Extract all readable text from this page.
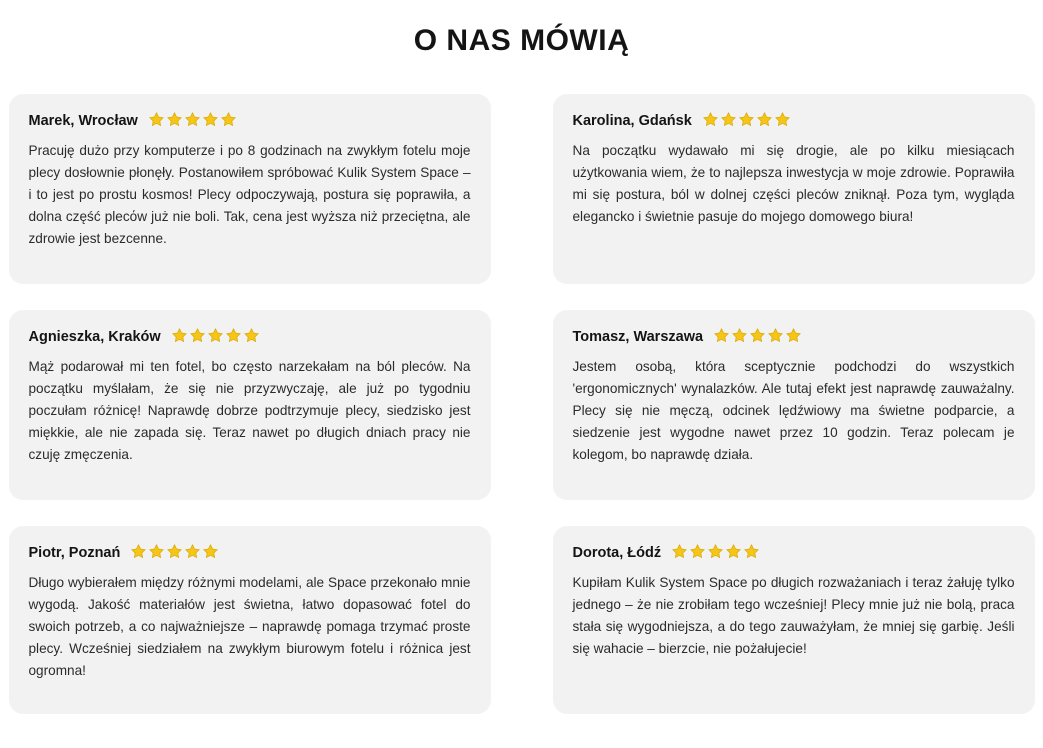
O NAS MÓWIĄ
Marek, Wrocław

Pracuję dużo przy komputerze i po 8 godzinach na zwykłym fotelu moje plecy dosłownie płonęły. Postanowiłem spróbować Kulik System Space – i to jest po prostu kosmos! Plecy odpoczywają, postura się poprawiła, a dolna część plecόw już nie boli. Tak, cena jest wyższa niż przeciętna, ale zdrowie jest bezcenne.

Karolina, Gdańsk

Na początku wydawało mi się drogie, ale po kilku miesiącach użytkowania wiem, że to najlepsza inwestycja w moje zdrowie. Poprawiła mi się postura, ból w dolnej części pleców zniknął. Poza tym, wygląda elegancko i świetnie pasuje do mojego domowego biura!

Agnieszka, Kraków

Mąż podarował mi ten fotel, bo często narzekałam na ból pleców. Na początku myślałam, że się nie przyzwyczaję, ale już po tygodniu poczułam różnicę! Naprawdę dobrze podtrzymuje plecy, siedzisko jest miękkie, ale nie zapada się. Teraz nawet po długich dniach pracy nie czuję zmęczenia.

Tomasz, Warszawa

Jestem osobą, która sceptycznie podchodzi do wszystkich 'ergonomicznych' wynalazków. Ale tutaj efekt jest naprawdę zauważalny. Plecy się nie męczą, odcinek lędźwiowy ma świetne podparcie, a siedzenie jest wygodne nawet przez 10 godzin. Teraz polecam je kolegom, bo naprawdę działa.

Piotr, Poznań

Długo wybierałem między różnymi modelami, ale Space przekonało mnie wygodą. Jakość materiałów jest świetna, łatwo dopasować fotel do swoich potrzeb, a co najważniejsze – naprawdę pomaga trzymać proste plecy. Wcześniej siedziałem na zwykłym biurowym fotelu i różnica jest ogromna!

Dorota, Łódź

Kupiłam Kulik System Space po długich rozważaniach i teraz żałuję tylko jednego – że nie zrobiłam tego wcześniej! Plecy mnie już nie bolą, praca stała się wygodniejsza, a do tego zauważyłam, że mniej się garbię. Jeśli się wahacie – bierzcie, nie pożałujecie!
